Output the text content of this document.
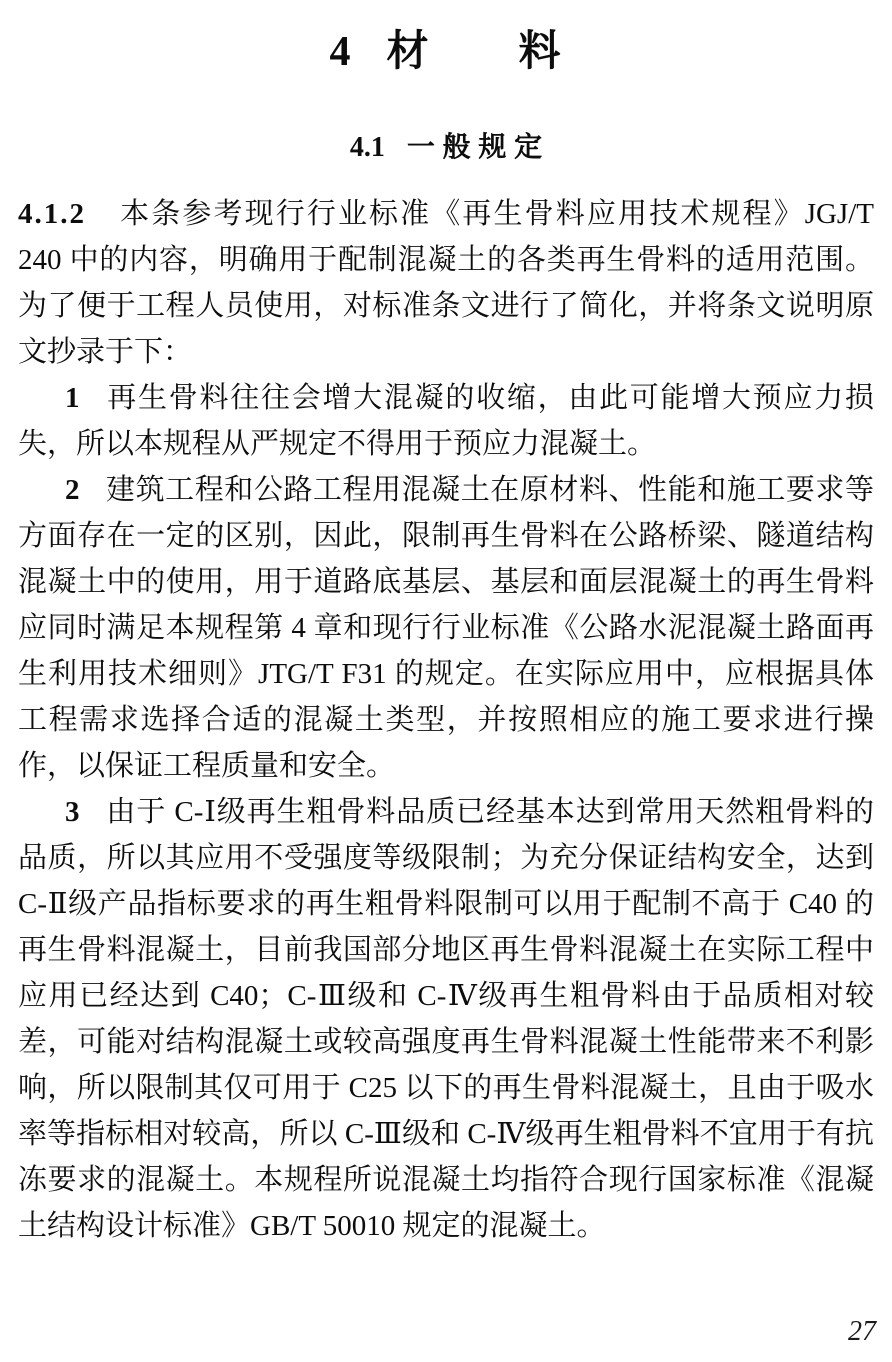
4 材　　料
4.1 一 般 规 定

4.1.2 本条参考现行行业标准《再生骨料应用技术规程》JGJ/T 240 中的内容，明确用于配制混凝土的各类再生骨料的适用范围。为了便于工程人员使用，对标准条文进行了简化，并将条文说明原文抄录于下：

1 再生骨料往往会增大混凝的收缩，由此可能增大预应力损失，所以本规程从严规定不得用于预应力混凝土。

2 建筑工程和公路工程用混凝土在原材料、性能和施工要求等方面存在一定的区别，因此，限制再生骨料在公路桥梁、隧道结构混凝土中的使用，用于道路底基层、基层和面层混凝土的再生骨料应同时满足本规程第 4 章和现行行业标准《公路水泥混凝土路面再生利用技术细则》JTG/T F31 的规定。在实际应用中，应根据具体工程需求选择合适的混凝土类型，并按照相应的施工要求进行操作，以保证工程质量和安全。

3 由于 C-Ⅰ级再生粗骨料品质已经基本达到常用天然粗骨料的品质，所以其应用不受强度等级限制；为充分保证结构安全，达到 C-Ⅱ级产品指标要求的再生粗骨料限制可以用于配制不高于 C40 的再生骨料混凝土，目前我国部分地区再生骨料混凝土在实际工程中应用已经达到 C40；C-Ⅲ级和 C-Ⅳ级再生粗骨料由于品质相对较差，可能对结构混凝土或较高强度再生骨料混凝土性能带来不利影响，所以限制其仅可用于 C25 以下的再生骨料混凝土，且由于吸水率等指标相对较高，所以 C-Ⅲ级和 C-Ⅳ级再生粗骨料不宜用于有抗冻要求的混凝土。本规程所说混凝土均指符合现行国家标准《混凝土结构设计标准》GB/T 50010 规定的混凝土。

27
